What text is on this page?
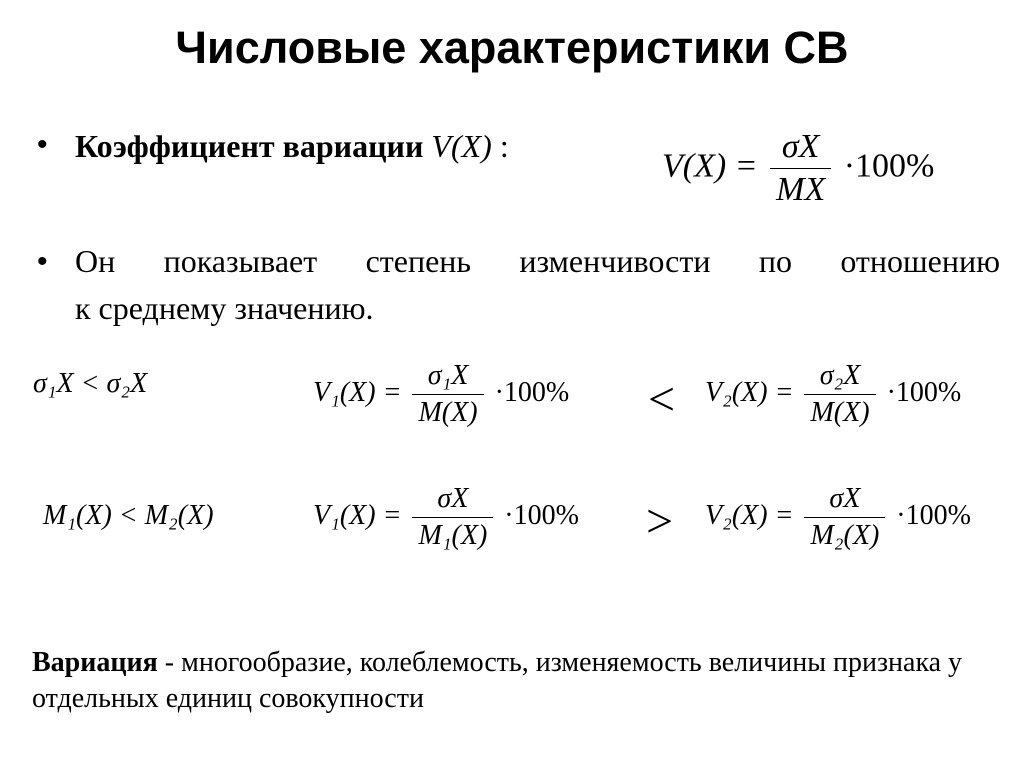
Числовые характеристики СВ
• Коэффициент вариации V(X) :
$V(X) = \frac{\sigma X}{MX} \cdot 100\%$
• Он показывает степень изменчивости по отношению
к среднему значению.
σ₁X < σ₂X	$V_1(X) = \frac{\text{σ₁X}}{M(X)} \cdot 100\% < V_2(X) = \frac{\text{σ₂X}}{M(X)} \cdot 100\%$
M₁(X) < M₂(X)	$V_1(X) = \frac{\sigma X}{\text{M₁(X)}} \cdot 100\% > V_2(X) = \frac{\sigma X}{\text{M₂(X)}} \cdot 100\%$
Вариация - многообразие, колеблемость, изменяемость величины признака у отдельных единиц совокупности
